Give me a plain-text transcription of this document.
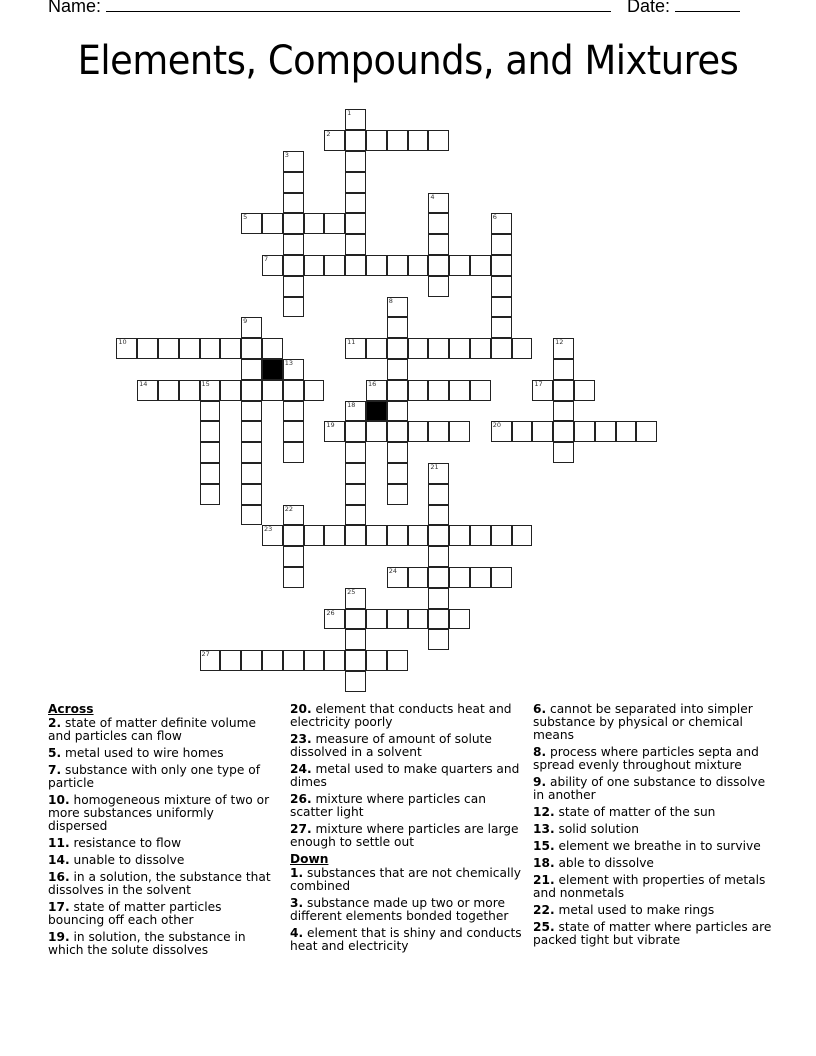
Name:	Date:
Elements, Compounds, and Mixtures
2
5
7
10	11
14	15	16	17
19	20
23
24
26
27
1
3
4
6
8
9
12
13
18
21
22
25
Across
2. state of matter definite volume and particles can flow
5. metal used to wire homes
7. substance with only one type of particle
10. homogeneous mixture of two or more substances uniformly dispersed
11. resistance to flow
14. unable to dissolve
16. in a solution, the substance that dissolves in the solvent
17. state of matter particles bouncing off each other
19. in solution, the substance in which the solute dissolves
20. element that conducts heat and electricity poorly
23. measure of amount of solute dissolved in a solvent
24. metal used to make quarters and dimes
26. mixture where particles can scatter light
27. mixture where particles are large enough to settle out
Down
1. substances that are not chemically combined
3. substance made up two or more different elements bonded together
4. element that is shiny and conducts heat and electricity
6. cannot be separated into simpler substance by physical or chemical means
8. process where particles septa and spread evenly throughout mixture
9. ability of one substance to dissolve in another
12. state of matter of the sun
13. solid solution
15. element we breathe in to survive
18. able to dissolve
21. element with properties of metals and nonmetals
22. metal used to make rings
25. state of matter where particles are packed tight but vibrate
